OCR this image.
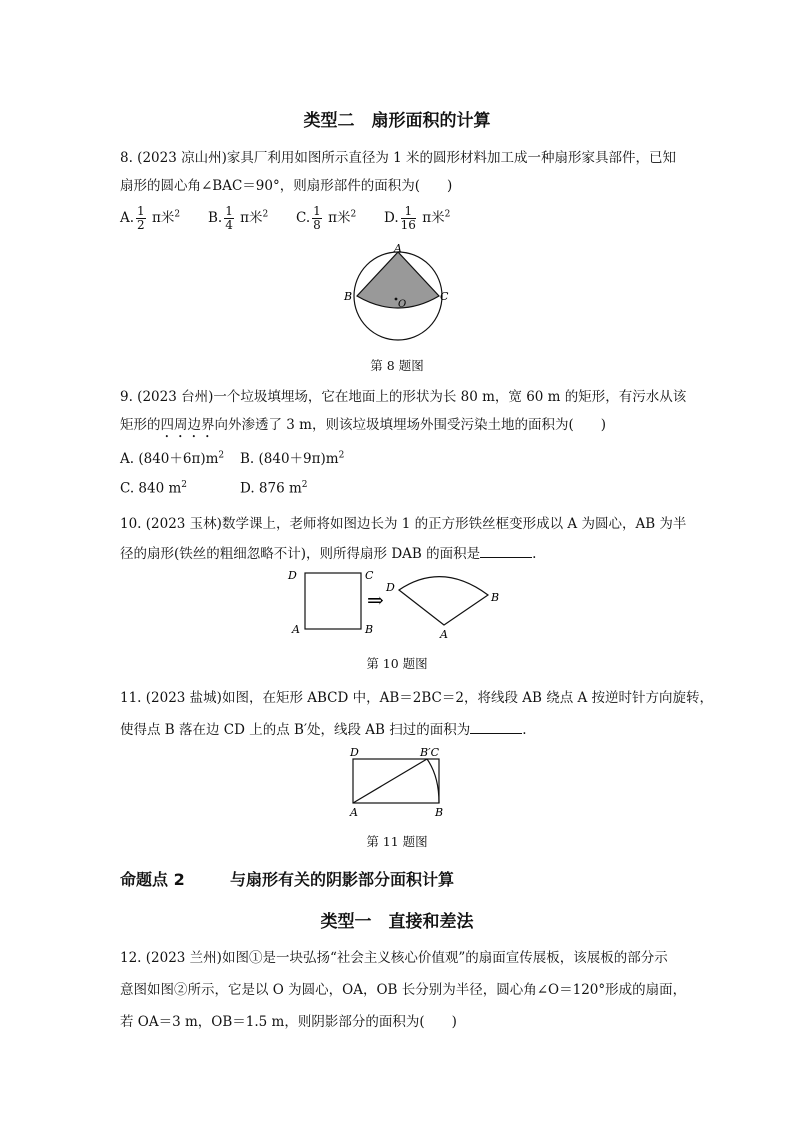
类型二　扇形面积的计算
8. (2023 凉山州)家具厂利用如图所示直径为 1 米的圆形材料加工成一种扇形家具部件，已知
扇形的圆心角∠BAC＝90°，则扇形部件的面积为(　　)
A. $\frac{1}{2}$ π米$^2$ B. $\frac{1}{4}$ π米$^2$ C. $\frac{1}{8}$ π米$^2$ D. $\frac{1}{16}$ π米$^2$
A
B	C
O
第 8 题图
9. (2023 台州)一个垃圾填埋场，它在地面上的形状为长 80 m，宽 60 m 的矩形，有污水从该
矩形的四周边界向外渗透了 3 m，则该垃圾填埋场外围受污染土地的面积为(　　)
A. $(840+6\pi)m^2$ B. $(840+9\pi)m^2$
C. 840 $m^2$	D. 876 $m^2$
10. (2023 玉林)数学课上，老师将如图边长为 1 的正方形铁丝框变形成以 A 为圆心，AB 为半
径的扇形(铁丝的粗细忽略不计)，则所得扇形 DAB 的面积是	.
D	C
A	B
⇒
D
B
A
第 10 题图
11. (2023 盐城)如图，在矩形 ABCD 中，AB＝2BC＝2，将线段 AB 绕点 A 按逆时针方向旋转，
使得点 B 落在边 CD 上的点 B′处，线段 AB 扫过的面积为	.
D	B′C
A	B
第 11 题图
命题点 2	与扇形有关的阴影部分面积计算
类型一　直接和差法
12. (2023 兰州)如图①是一块弘扬“社会主义核心价值观”的扇面宣传展板，该展板的部分示
意图如图②所示，它是以 O 为圆心，OA，OB 长分别为半径，圆心角∠O＝120°形成的扇面，
若 OA＝3 m，OB＝1.5 m，则阴影部分的面积为(　　)
